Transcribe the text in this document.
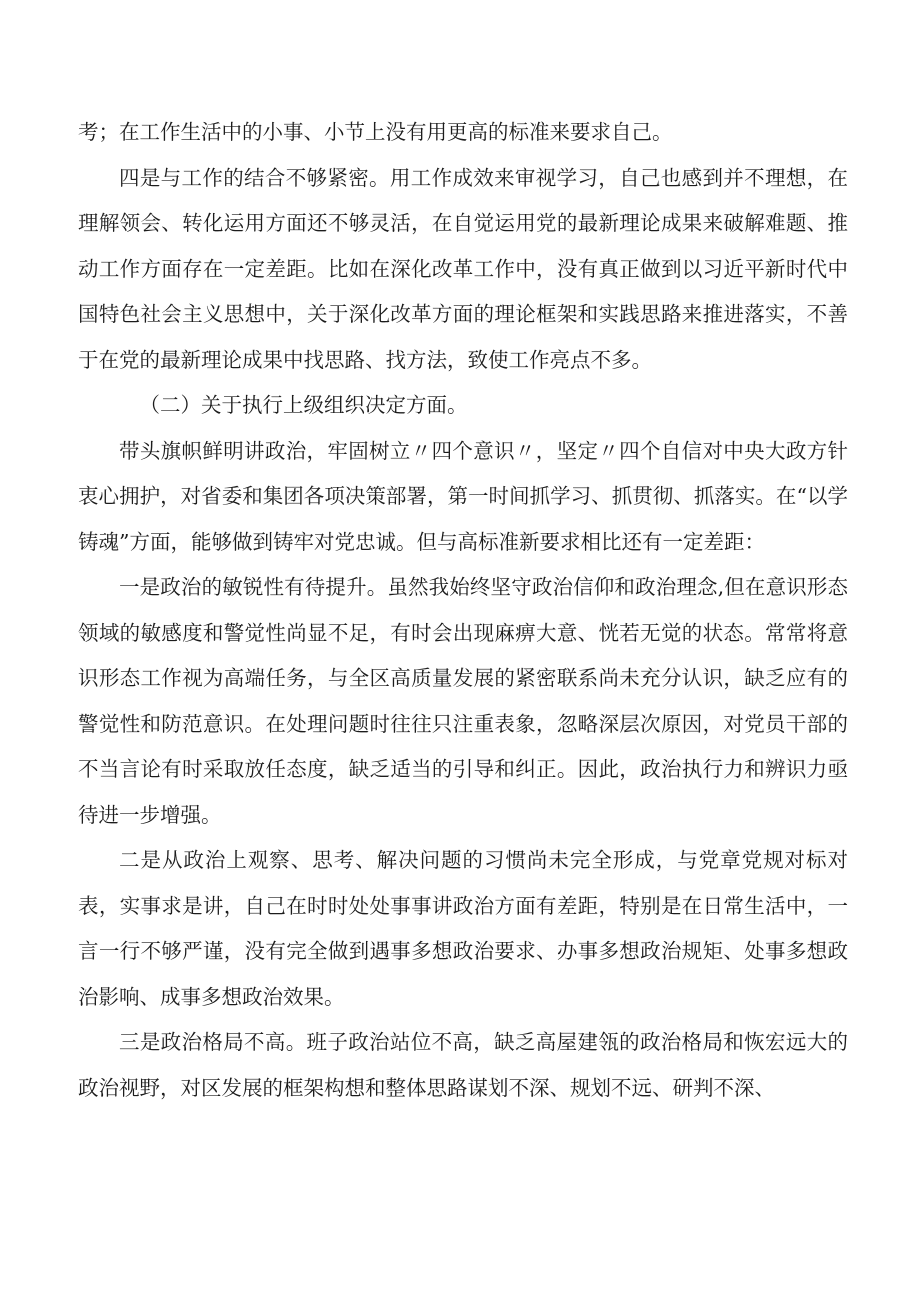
考；在工作生活中的小事、小节上没有用更高的标准来要求自己。

四是与工作的结合不够紧密。用工作成效来审视学习，自己也感到并不理想，在理解领会、转化运用方面还不够灵活，在自觉运用党的最新理论成果来破解难题、推动工作方面存在一定差距。比如在深化改革工作中，没有真正做到以习近平新时代中国特色社会主义思想中，关于深化改革方面的理论框架和实践思路来推进落实，不善于在党的最新理论成果中找思路、找方法，致使工作亮点不多。

（二）关于执行上级组织决定方面。

带头旗帜鲜明讲政治，牢固树立〃四个意识〃，坚定〃四个自信对中央大政方针衷心拥护，对省委和集团各项决策部署，第一时间抓学习、抓贯彻、抓落实。在“以学铸魂”方面，能够做到铸牢对党忠诚。但与高标准新要求相比还有一定差距：

一是政治的敏锐性有待提升。虽然我始终坚守政治信仰和政治理念,但在意识形态领域的敏感度和警觉性尚显不足，有时会出现麻痹大意、恍若无觉的状态。常常将意识形态工作视为高端任务，与全区高质量发展的紧密联系尚未充分认识，缺乏应有的警觉性和防范意识。在处理问题时往往只注重表象，忽略深层次原因，对党员干部的不当言论有时采取放任态度，缺乏适当的引导和纠正。因此，政治执行力和辨识力亟待进一步增强。

二是从政治上观察、思考、解决问题的习惯尚未完全形成，与党章党规对标对表，实事求是讲，自己在时时处处事事讲政治方面有差距，特别是在日常生活中，一言一行不够严谨，没有完全做到遇事多想政治要求、办事多想政治规矩、处事多想政治影响、成事多想政治效果。

三是政治格局不高。班子政治站位不高，缺乏高屋建瓴的政治格局和恢宏远大的政治视野，对区发展的框架构想和整体思路谋划不深、规划不远、研判不深、
